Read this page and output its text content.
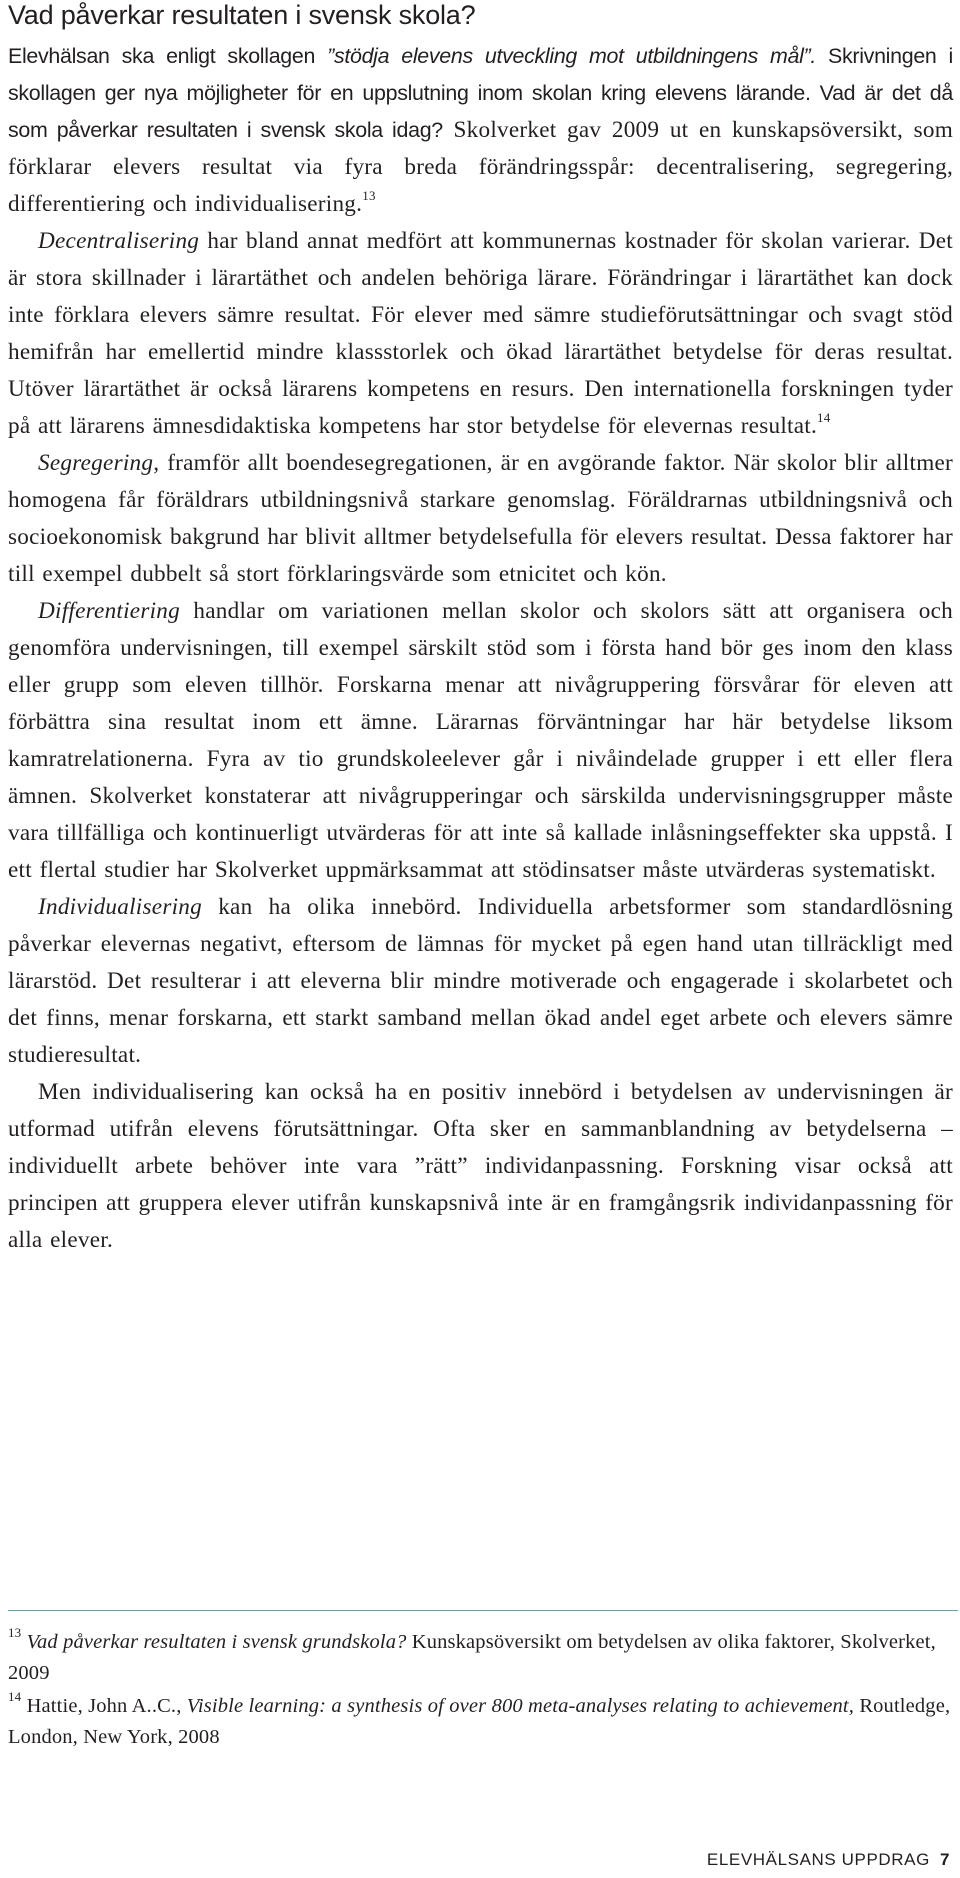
Vad påverkar resultaten i svensk skola?

Elevhälsan ska enligt skollagen ”stödja elevens utveckling mot utbildningens mål”. Skrivningen i skollagen ger nya möjligheter för en uppslutning inom skolan kring elevens lärande. Vad är det då som påverkar resultaten i svensk skola idag? Skolverket gav 2009 ut en kunskapsöversikt, som förklarar elevers resultat via fyra breda förändringsspår: decentralisering, segregering, differentiering och individualisering.$^{13}$

Decentralisering har bland annat medfört att kommunernas kostnader för skolan varierar. Det är stora skillnader i lärartäthet och andelen behöriga lärare. Förändringar i lärartäthet kan dock inte förklara elevers sämre resultat. För elever med sämre studieförutsättningar och svagt stöd hemifrån har emellertid mindre klassstorlek och ökad lärartäthet betydelse för deras resultat. Utöver lärartäthet är också lärarens kompetens en resurs. Den internationella forskningen tyder på att lärarens ämnesdidaktiska kompetens har stor betydelse för elevernas resultat.$^{14}$

Segregering, framför allt boendesegregationen, är en avgörande faktor. När skolor blir alltmer homogena får föräldrars utbildningsnivå starkare genomslag. Föräldrarnas utbildningsnivå och socioekonomisk bakgrund har blivit alltmer betydelsefulla för elevers resultat. Dessa faktorer har till exempel dubbelt så stort förklaringsvärde som etnicitet och kön.

Differentiering handlar om variationen mellan skolor och skolors sätt att organisera och genomföra undervisningen, till exempel särskilt stöd som i första hand bör ges inom den klass eller grupp som eleven tillhör. Forskarna menar att nivågruppering försvårar för eleven att förbättra sina resultat inom ett ämne. Lärarnas förväntningar har här betydelse liksom kamratrelationerna. Fyra av tio grundskoleelever går i nivåindelade grupper i ett eller flera ämnen. Skolverket konstaterar att nivågrupperingar och särskilda undervisningsgrupper måste vara tillfälliga och kontinuerligt utvärderas för att inte så kallade inlåsningseffekter ska uppstå. I ett flertal studier har Skolverket uppmärksammat att stödinsatser måste utvärderas systematiskt.

Individualisering kan ha olika innebörd. Individuella arbetsformer som standardlösning påverkar elevernas negativt, eftersom de lämnas för mycket på egen hand utan tillräckligt med lärarstöd. Det resulterar i att eleverna blir mindre motiverade och engagerade i skolarbetet och det finns, menar forskarna, ett starkt samband mellan ökad andel eget arbete och elevers sämre studieresultat.

Men individualisering kan också ha en positiv innebörd i betydelsen av undervisningen är utformad utifrån elevens förutsättningar. Ofta sker en sammanblandning av betydelserna – individuellt arbete behöver inte vara ”rätt” individanpassning. Forskning visar också att principen att gruppera elever utifrån kunskapsnivå inte är en framgångsrik individanpassning för alla elever.

$^{13}$ Vad påverkar resultaten i svensk grundskola? Kunskapsöversikt om betydelsen av olika faktorer, Skolverket, 2009

$^{14}$ Hattie, John A..C., Visible learning: a synthesis of over 800 meta-analyses relating to achievement, Routledge, London, New York, 2008

ELEVHÄLSANS UPPDRAG 7
